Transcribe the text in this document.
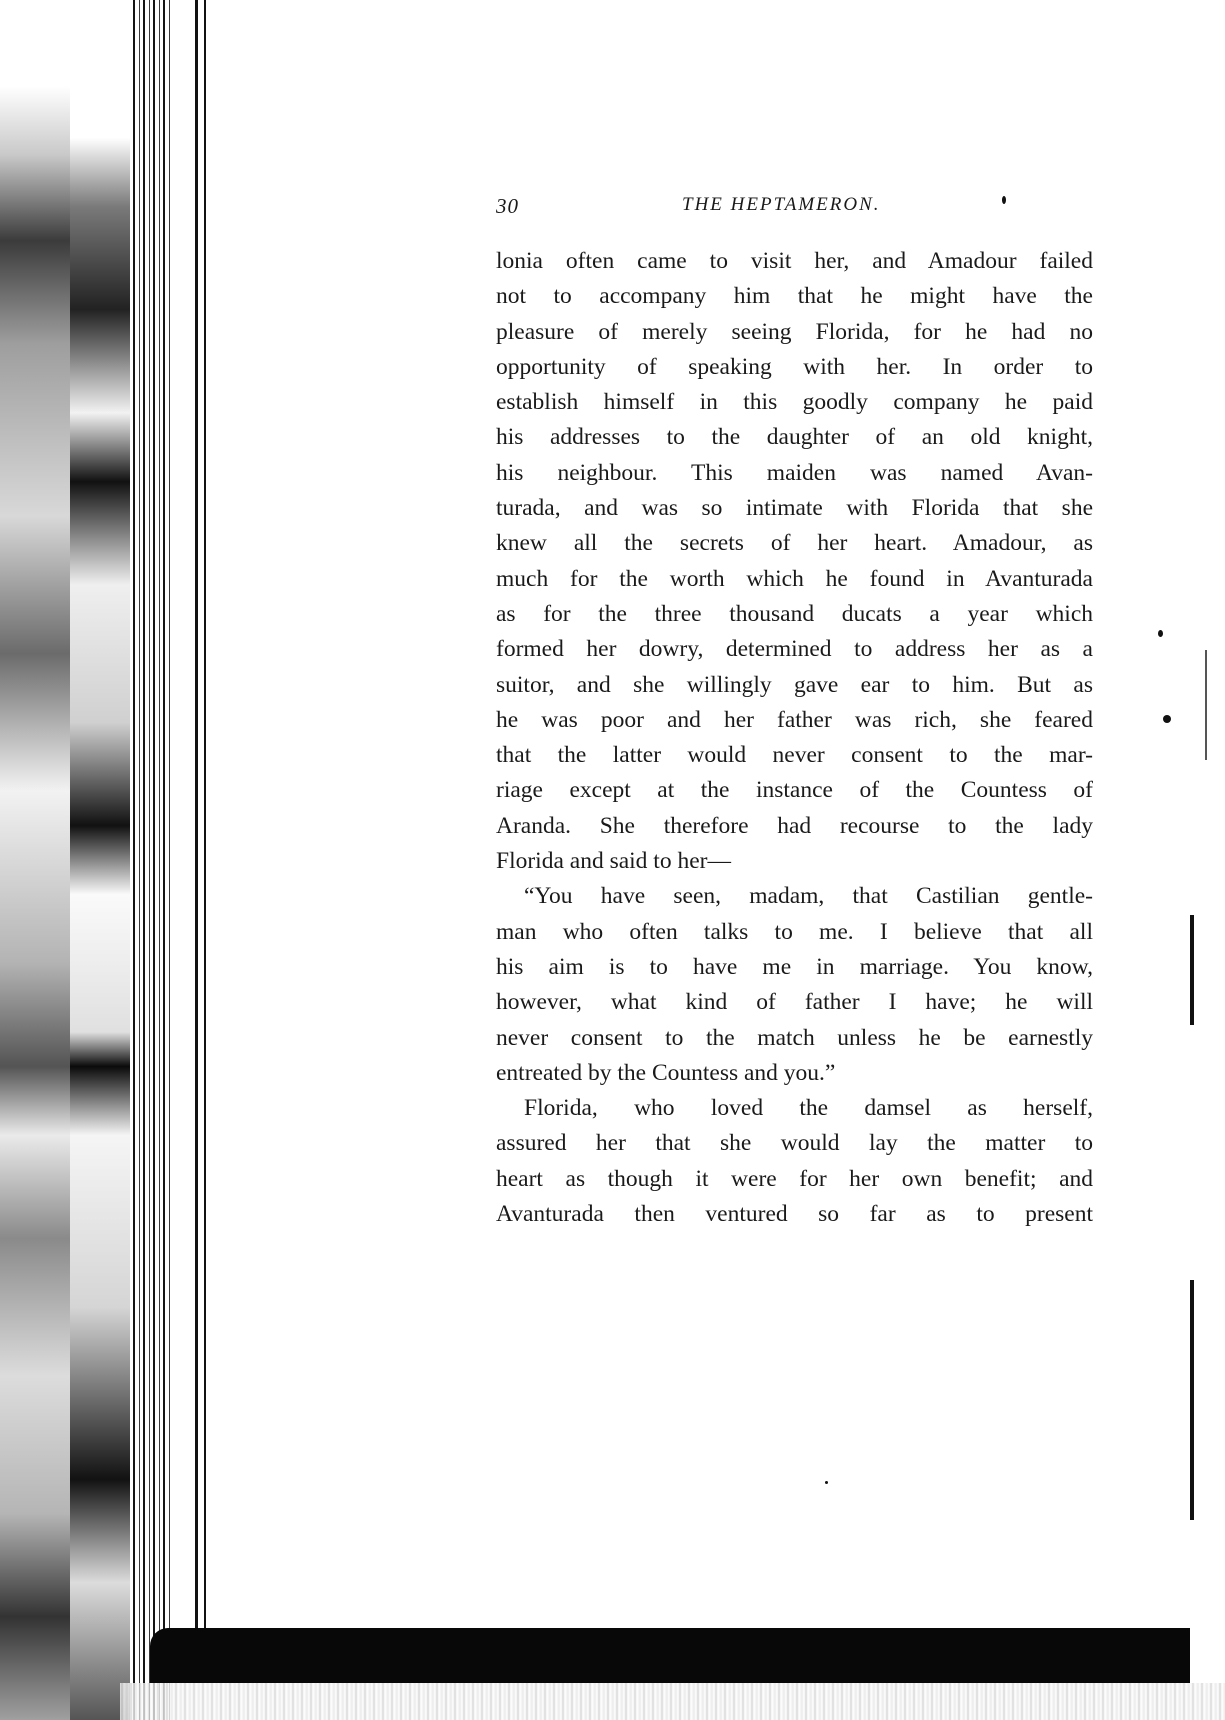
30	THE HEPTAMERON.
lonia often came to visit her, and Amadour failed
not to accompany him that he might have the
pleasure of merely seeing Florida, for he had no
opportunity of speaking with her. In order to
establish himself in this goodly company he paid
his addresses to the daughter of an old knight,
his neighbour. This maiden was named Avan-
turada, and was so intimate with Florida that she
knew all the secrets of her heart. Amadour, as
much for the worth which he found in Avanturada
as for the three thousand ducats a year which
formed her dowry, determined to address her as a
suitor, and she willingly gave ear to him. But as
he was poor and her father was rich, she feared
that the latter would never consent to the mar-
riage except at the instance of the Countess of
Aranda. She therefore had recourse to the lady
Florida and said to her—
“You have seen, madam, that Castilian gentle-
man who often talks to me. I believe that all
his aim is to have me in marriage. You know,
however, what kind of father I have; he will
never consent to the match unless he be earnestly
entreated by the Countess and you.”
Florida, who loved the damsel as herself,
assured her that she would lay the matter to
heart as though it were for her own benefit; and
Avanturada then ventured so far as to present
